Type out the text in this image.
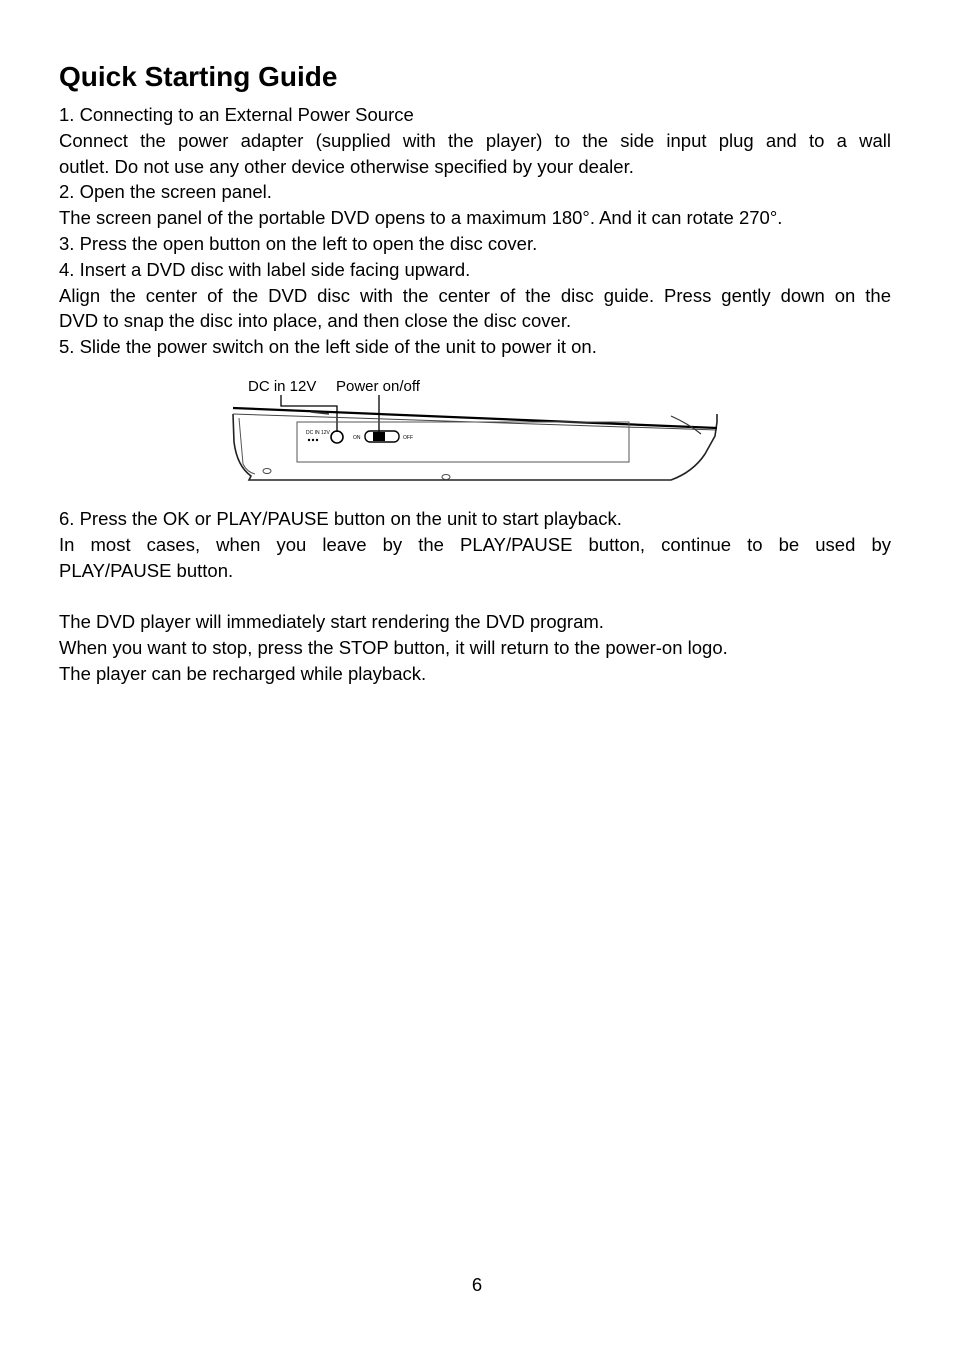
Quick Starting Guide

1. Connecting to an External Power Source

Connect the power adapter (supplied with the player) to the side input plug and to a wall

outlet. Do not use any other device otherwise specified by your dealer.

2. Open the screen panel.

The screen panel of the portable DVD opens to a maximum 180°. And it can rotate 270°.

3. Press the open button on the left to open the disc cover.

4. Insert a DVD disc with label side facing upward.

Align the center of the DVD disc with the center of the disc guide. Press gently down on the

DVD to snap the disc into place, and then close the disc cover.

5. Slide the power switch on the left side of the unit to power it on.

DC in 12V Power on/off
DC IN 12V
ON	OFF

6. Press the OK or PLAY/PAUSE button on the unit to start playback.

In most cases, when you leave by the PLAY/PAUSE button, continue to be used by

PLAY/PAUSE button.

The DVD player will immediately start rendering the DVD program.

When you want to stop, press the STOP button, it will return to the power-on logo.

The player can be recharged while playback.

6
